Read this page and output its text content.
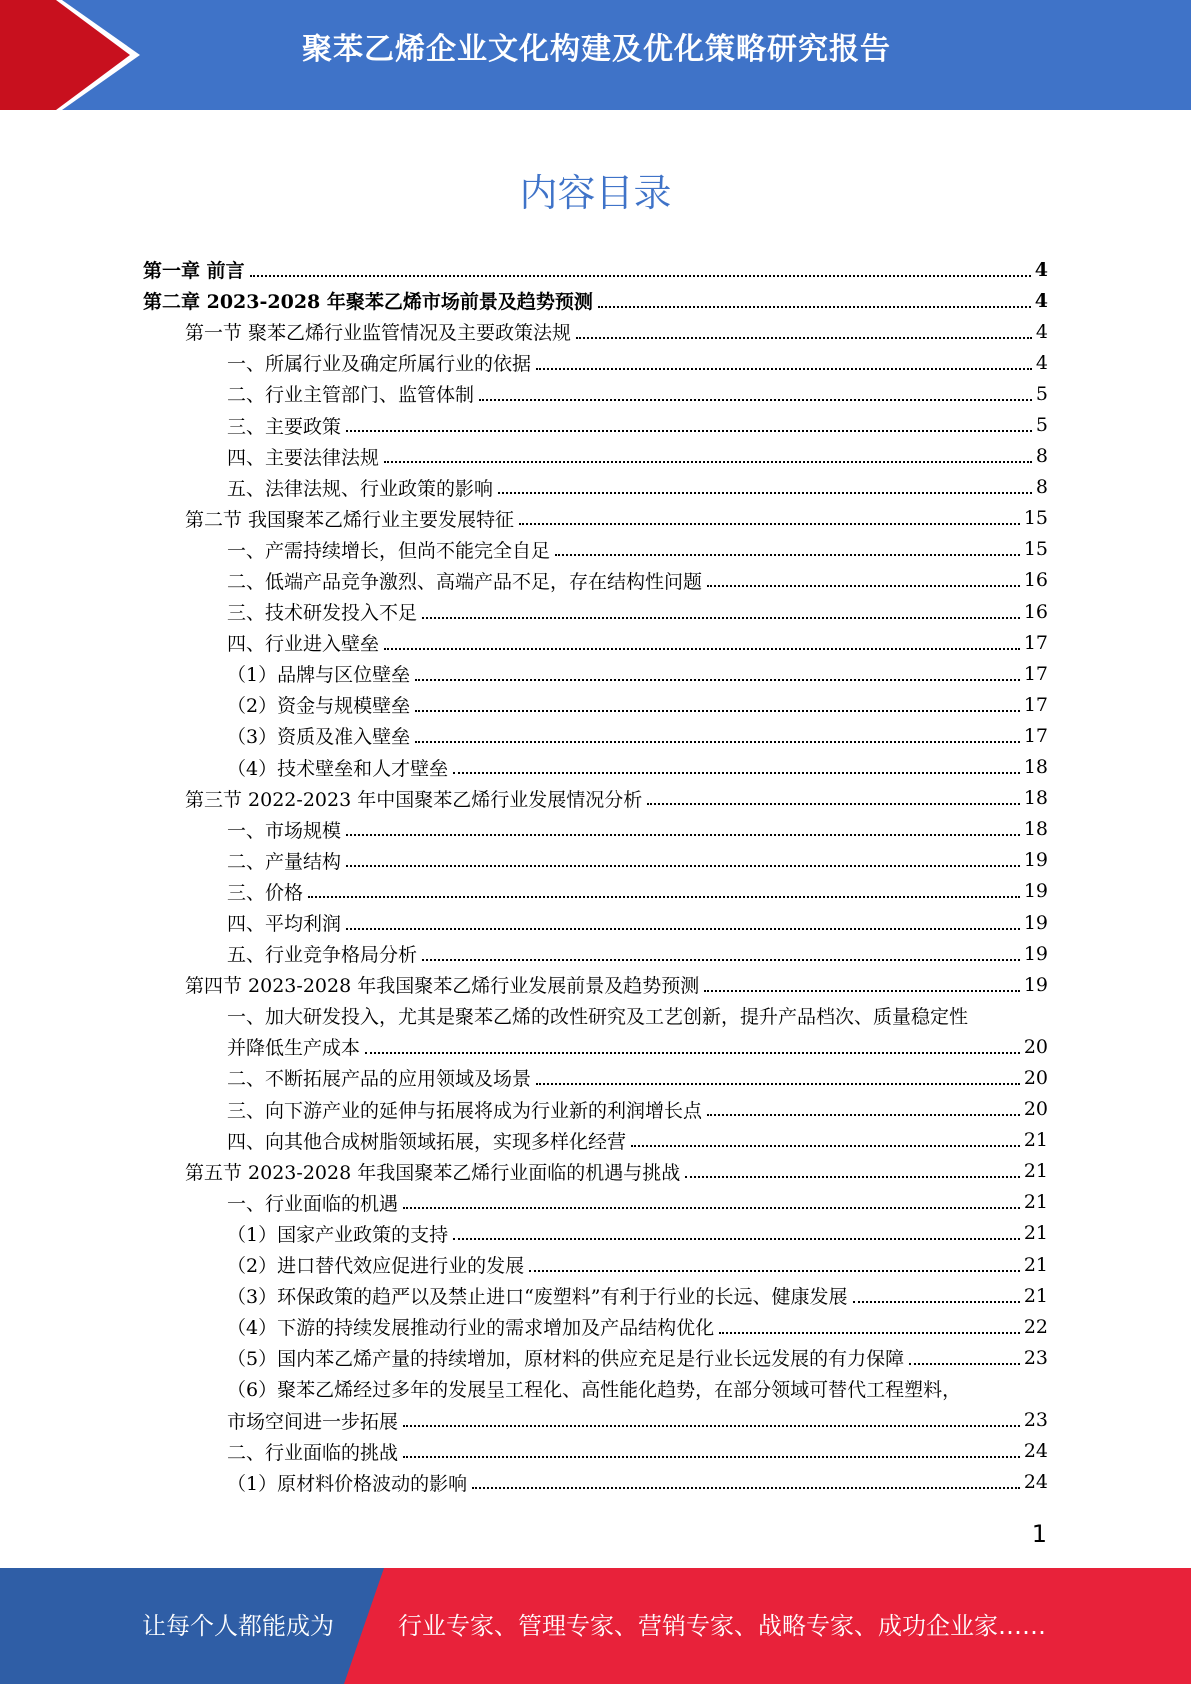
聚苯乙烯企业文化构建及优化策略研究报告
内容目录
第一章 前言	4
第二章 2023-2028 年聚苯乙烯市场前景及趋势预测	4
第一节 聚苯乙烯行业监管情况及主要政策法规	4
一、所属行业及确定所属行业的依据	4
二、行业主管部门、监管体制	5
三、主要政策	5
四、主要法律法规	8
五、法律法规、行业政策的影响	8
第二节 我国聚苯乙烯行业主要发展特征	15
一、产需持续增长，但尚不能完全自足	15
二、低端产品竞争激烈、高端产品不足，存在结构性问题	16
三、技术研发投入不足	16
四、行业进入壁垒	17
（1）品牌与区位壁垒	17
（2）资金与规模壁垒	17
（3）资质及准入壁垒	17
（4）技术壁垒和人才壁垒	18
第三节 2022-2023 年中国聚苯乙烯行业发展情况分析	18
一、市场规模	18
二、产量结构	19
三、价格	19
四、平均利润	19
五、行业竞争格局分析	19
第四节 2023-2028 年我国聚苯乙烯行业发展前景及趋势预测	19
一、加大研发投入，尤其是聚苯乙烯的改性研究及工艺创新，提升产品档次、质量稳定性
并降低生产成本	20
二、不断拓展产品的应用领域及场景	20
三、向下游产业的延伸与拓展将成为行业新的利润增长点	20
四、向其他合成树脂领域拓展，实现多样化经营	21
第五节 2023-2028 年我国聚苯乙烯行业面临的机遇与挑战	21
一、行业面临的机遇	21
（1）国家产业政策的支持	21
（2）进口替代效应促进行业的发展	21
（3）环保政策的趋严以及禁止进口“废塑料”有利于行业的长远、健康发展	21
（4）下游的持续发展推动行业的需求增加及产品结构优化	22
（5）国内苯乙烯产量的持续增加，原材料的供应充足是行业长远发展的有力保障	23
（6）聚苯乙烯经过多年的发展呈工程化、高性能化趋势，在部分领域可替代工程塑料，
市场空间进一步拓展	23
二、行业面临的挑战	24
（1）原材料价格波动的影响	24
1
让每个人都能成为	行业专家、管理专家、营销专家、战略专家、成功企业家……
